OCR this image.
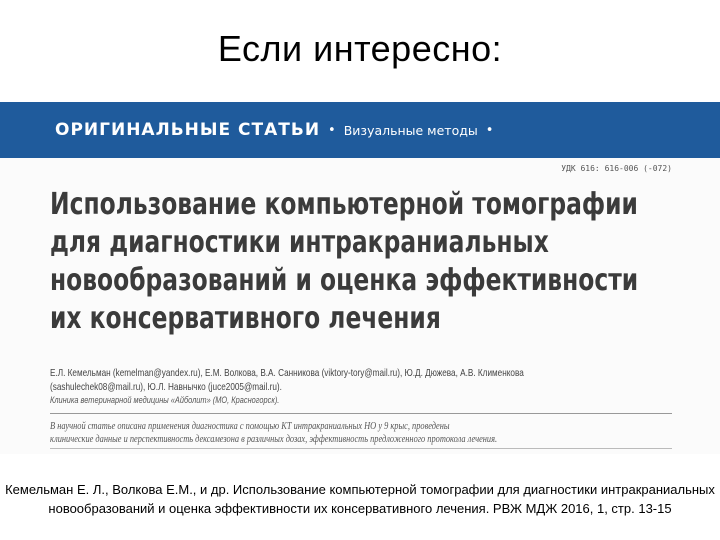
Если интересно:
ОРИГИНАЛЬНЫЕ СТАТЬИ • Визуальные методы •
УДК 616: 616-006 (-072)
Использование компьютерной томографии
для диагностики интракраниальных
новообразований и оценка эффективности
их консервативного лечения
Е.Л. Кемельман (kemelman@yandex.ru), Е.М. Волкова, В.А. Санникова (viktory-tory@mail.ru), Ю.Д. Дюжева, А.В. Клименкова
(sashulechek08@mail.ru), Ю.Л. Навнычко (juce2005@mail.ru).
Клиника ветеринарной медицины «Айболит» (МО, Красногорск).
В научной статье описана применения диагностика с помощью КТ интракраниальных НО у 9 крыс, проведены
клинические данные и перспективность дексамезона в различных дозах, эффективность предложенного протокола лечения.
Кемельман Е. Л., Волкова Е.М., и др. Использование компьютерной томографии для диагностики интракраниальных
новообразований и оценка эффективности их консервативного лечения. РВЖ МДЖ 2016, 1, стр. 13-15
